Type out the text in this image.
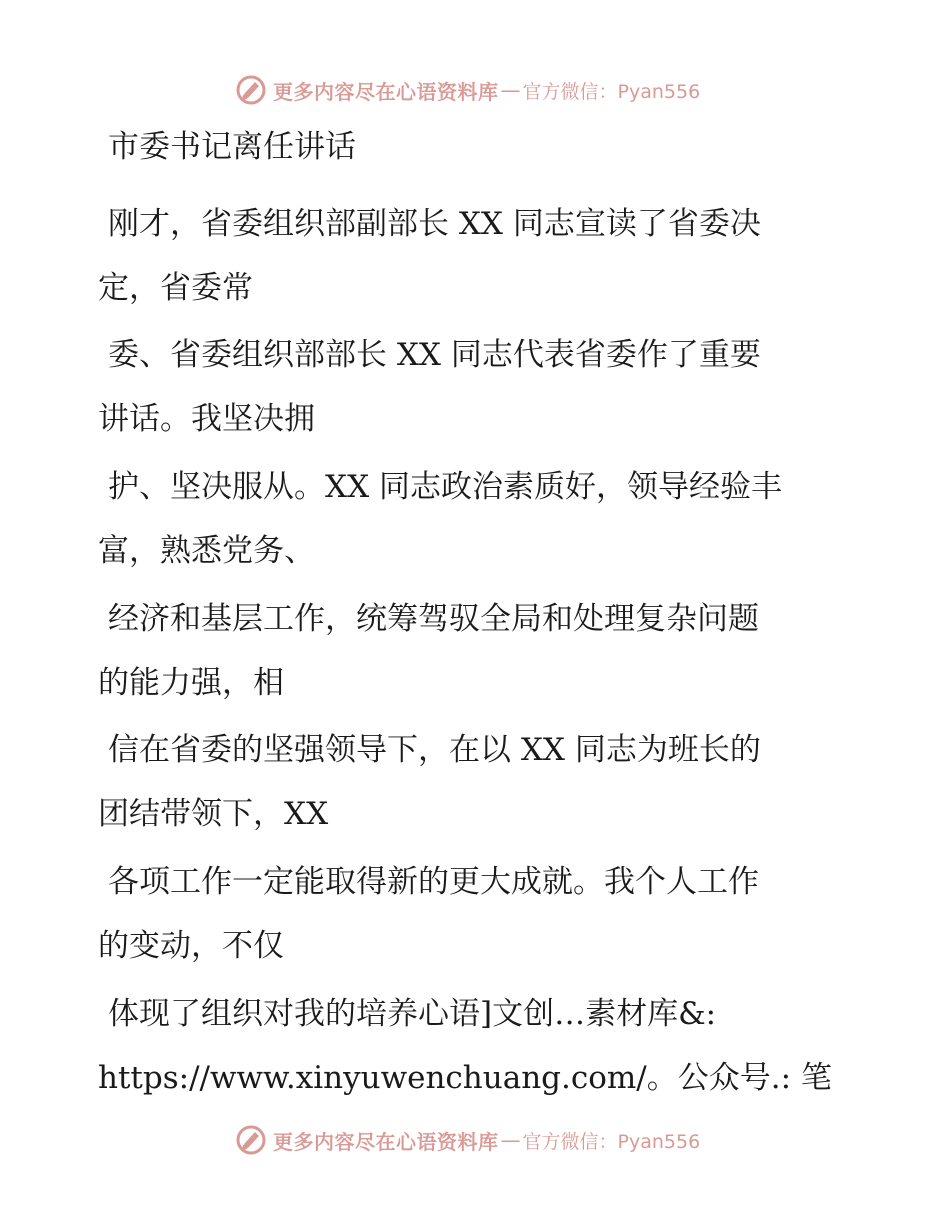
更多内容尽在心语资料库 — 官方微信：Pyan556
市委书记离任讲话
刚才，省委组织部副部长 XX 同志宣读了省委决
定，省委常
委、省委组织部部长 XX 同志代表省委作了重要
讲话。我坚决拥
护、坚决服从。XX 同志政治素质好，领导经验丰
富，熟悉党务、
经济和基层工作，统筹驾驭全局和处理复杂问题
的能力强，相
信在省委的坚强领导下，在以 XX 同志为班长的
团结带领下，XX
各项工作一定能取得新的更大成就。我个人工作
的变动，不仅
体现了组织对我的培养心语]文创…素材库&:
https://www.xinyuwenchuang.com/。公众号.: 笔
更多内容尽在心语资料库 — 官方微信：Pyan556
